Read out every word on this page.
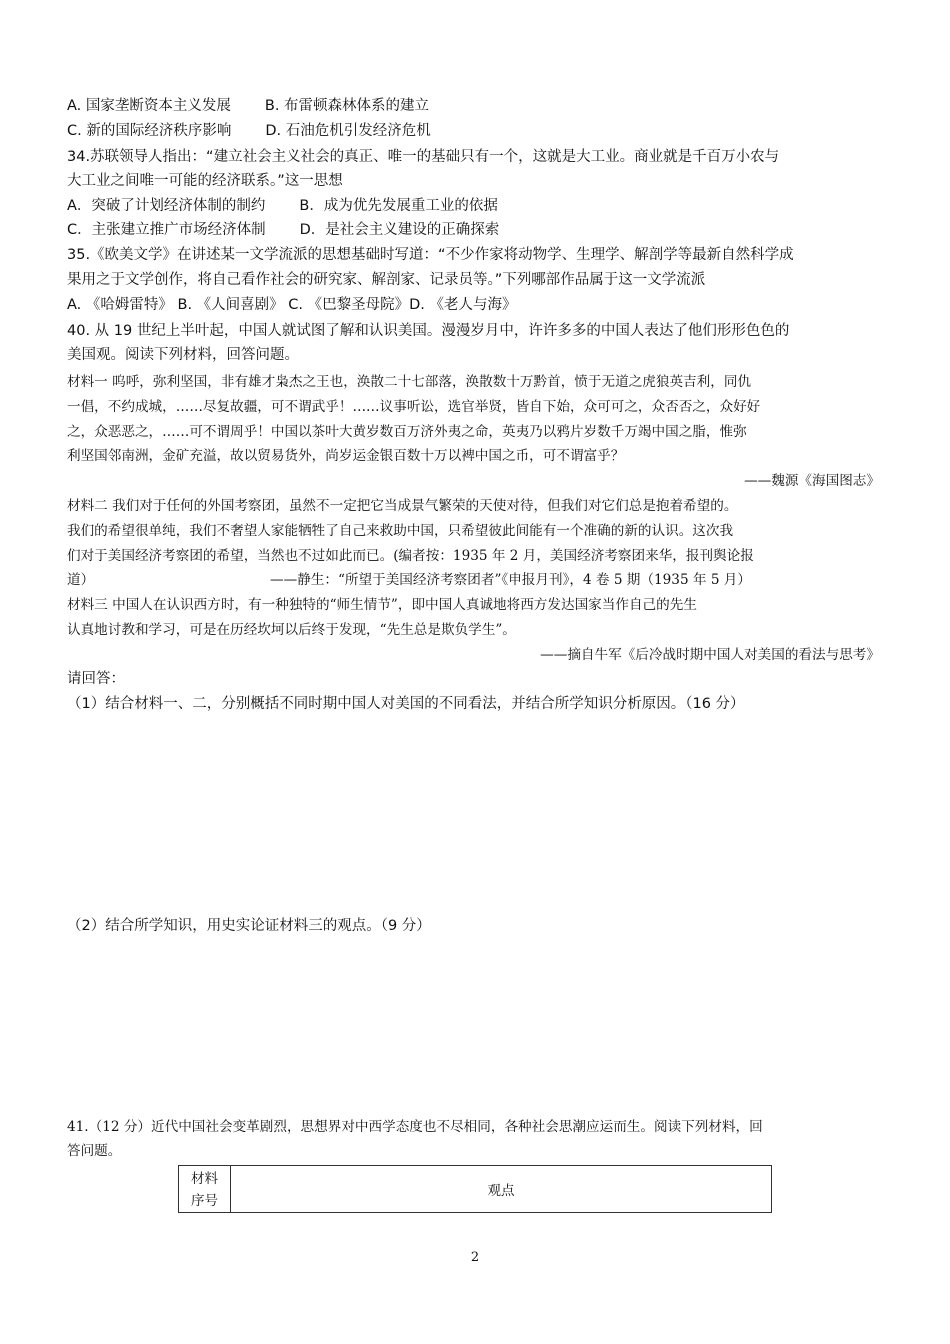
A. 国家垄断资本主义发展 B. 布雷顿森林体系的建立
C. 新的国际经济秩序影响 D. 石油危机引发经济危机
34.苏联领导人指出：“建立社会主义社会的真正、唯一的基础只有一个，这就是大工业。商业就是千百万小农与
大工业之间唯一可能的经济联系。”这一思想
A．突破了计划经济体制的制约 B．成为优先发展重工业的依据
C．主张建立推广市场经济体制 D．是社会主义建设的正确探索
35.《欧美文学》在讲述某一文学流派的思想基础时写道：“不少作家将动物学、生理学、解剖学等最新自然科学成
果用之于文学创作，将自己看作社会的研究家、解剖家、记录员等。”下列哪部作品属于这一文学流派
A. 《哈姆雷特》 B. 《人间喜剧》 C. 《巴黎圣母院》D. 《老人与海》
40. 从 19 世纪上半叶起，中国人就试图了解和认识美国。漫漫岁月中，许许多多的中国人表达了他们形形色色的
美国观。阅读下列材料，回答问题。
材料一 呜呼，弥利坚国，非有雄才枭杰之王也，涣散二十七部落，涣散数十万黔首，愤于无道之虎狼英吉利，同仇
一倡，不约成城，……尽复故疆，可不谓武乎！……议事听讼，选官举贤，皆自下始，众可可之，众否否之，众好好
之，众恶恶之，……可不谓周乎！中国以茶叶大黄岁数百万济外夷之命，英夷乃以鸦片岁数千万竭中国之脂，惟弥
利坚国邻南洲，金矿充溢，故以贸易货外，尚岁运金银百数十万以裨中国之币，可不谓富乎？
——魏源《海国图志》
材料二 我们对于任何的外国考察团，虽然不一定把它当成景气繁荣的天使对待，但我们对它们总是抱着希望的。
我们的希望很单纯，我们不奢望人家能牺牲了自己来救助中国，只希望彼此间能有一个准确的新的认识。这次我
们对于美国经济考察团的希望，当然也不过如此而已。(编者按：1935 年 2 月，美国经济考察团来华，报刊舆论报
道）	——静生：“所望于美国经济考察团者”《申报月刊》，4 卷 5 期（1935 年 5 月）
材料三 中国人在认识西方时，有一种独特的“师生情节”，即中国人真诚地将西方发达国家当作自己的先生
认真地讨教和学习，可是在历经坎坷以后终于发现，“先生总是欺负学生”。
——摘自牛军《后冷战时期中国人对美国的看法与思考》
请回答：
（1）结合材料一、二，分别概括不同时期中国人对美国的不同看法，并结合所学知识分析原因。（16 分）
（2）结合所学知识，用史实论证材料三的观点。（9 分）
41.（12 分）近代中国社会变革剧烈，思想界对中西学态度也不尽相同，各种社会思潮应运而生。阅读下列材料，回
答问题。
材料
序号
观点
2
